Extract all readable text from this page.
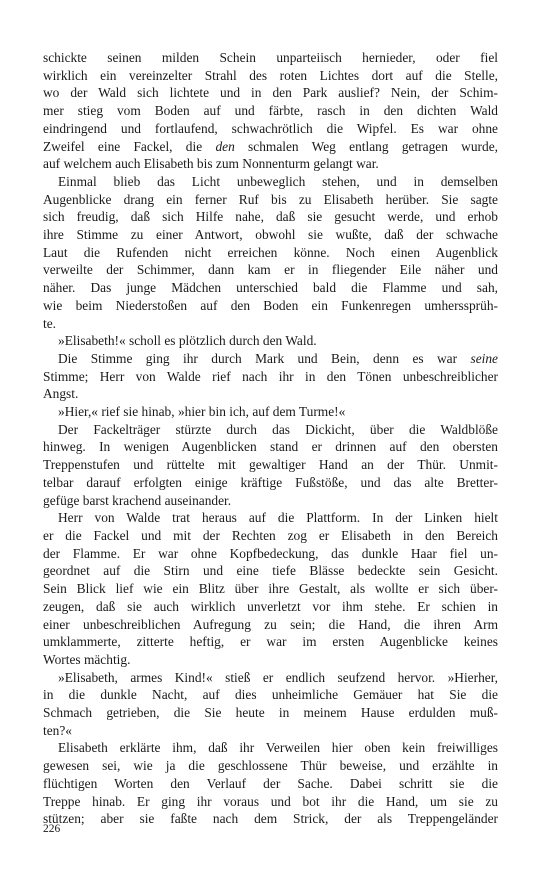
schickte seinen milden Schein unparteiisch hernieder, oder fiel
wirklich ein vereinzelter Strahl des roten Lichtes dort auf die Stelle,
wo der Wald sich lichtete und in den Park auslief? Nein, der Schim-
mer stieg vom Boden auf und färbte, rasch in den dichten Wald
eindringend und fortlaufend, schwachrötlich die Wipfel. Es war ohne
Zweifel eine Fackel, die den schmalen Weg entlang getragen wurde,
auf welchem auch Elisabeth bis zum Nonnenturm gelangt war.
Einmal blieb das Licht unbeweglich stehen, und in demselben
Augenblicke drang ein ferner Ruf bis zu Elisabeth herüber. Sie sagte
sich freudig, daß sich Hilfe nahe, daß sie gesucht werde, und erhob
ihre Stimme zu einer Antwort, obwohl sie wußte, daß der schwache
Laut die Rufenden nicht erreichen könne. Noch einen Augenblick
verweilte der Schimmer, dann kam er in fliegender Eile näher und
näher. Das junge Mädchen unterschied bald die Flamme und sah,
wie beim Niederstoßen auf den Boden ein Funkenregen umherssprüh-
te.
»Elisabeth!« scholl es plötzlich durch den Wald.
Die Stimme ging ihr durch Mark und Bein, denn es war seine
Stimme; Herr von Walde rief nach ihr in den Tönen unbeschreiblicher
Angst.
»Hier,« rief sie hinab, »hier bin ich, auf dem Turme!«
Der Fackelträger stürzte durch das Dickicht, über die Waldblöße
hinweg. In wenigen Augenblicken stand er drinnen auf den obersten
Treppenstufen und rüttelte mit gewaltiger Hand an der Thür. Unmit-
telbar darauf erfolgten einige kräftige Fußstöße, und das alte Bretter-
gefüge barst krachend auseinander.
Herr von Walde trat heraus auf die Plattform. In der Linken hielt
er die Fackel und mit der Rechten zog er Elisabeth in den Bereich
der Flamme. Er war ohne Kopfbedeckung, das dunkle Haar fiel un-
geordnet auf die Stirn und eine tiefe Blässe bedeckte sein Gesicht.
Sein Blick lief wie ein Blitz über ihre Gestalt, als wollte er sich über-
zeugen, daß sie auch wirklich unverletzt vor ihm stehe. Er schien in
einer unbeschreiblichen Aufregung zu sein; die Hand, die ihren Arm
umklammerte, zitterte heftig, er war im ersten Augenblicke keines
Wortes mächtig.
»Elisabeth, armes Kind!« stieß er endlich seufzend hervor. »Hierher,
in die dunkle Nacht, auf dies unheimliche Gemäuer hat Sie die
Schmach getrieben, die Sie heute in meinem Hause erdulden muß-
ten?«
Elisabeth erklärte ihm, daß ihr Verweilen hier oben kein freiwilliges
gewesen sei, wie ja die geschlossene Thür beweise, und erzählte in
flüchtigen Worten den Verlauf der Sache. Dabei schritt sie die
Treppe hinab. Er ging ihr voraus und bot ihr die Hand, um sie zu
stützen; aber sie faßte nach dem Strick, der als Treppengeländer
226
